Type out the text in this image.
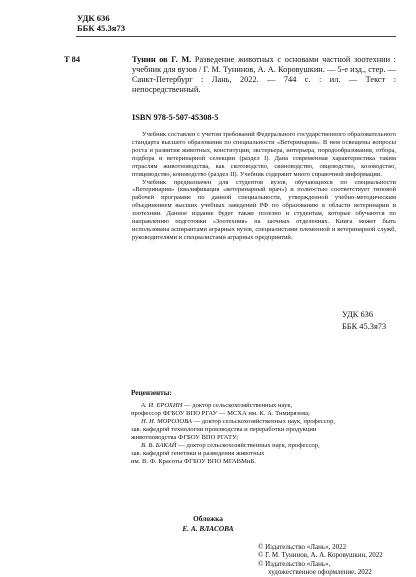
УДК 636
ББК 45.3я73
Т 84	Тунин ов Г. М. Разведение животных с основами частной зоотехнии : учебник для вузов / Г. М. Тунинов, А. А. Коровушкин. — 5-е изд., стер. — Санкт-Петербург : Лань, 2022. — 744 с. : ил. — Текст : непосредственный.
ISBN 978-5-507-45308-5

Учебник составлен с учетом требований Федерального государственного образовательного стандарта высшего образования по специальности «Ветеринария». В нем освещены вопросы роста и развития животных, конституции, экстерьера, интерьера, породообразования, отбора, подбора и ветеринарной селекции (раздел I). Дана современная характеристика таким отраслям животноводства, как скотоводство, свиноводство, овцеводство, козоводство, птицеводство, коневодство (раздел II). Учебник содержит много справочной информации.

Учебник предназначен для студентов вузов, обучающихся по специальности «Ветеринария» (квалификация «ветеринарный врач») и полностью соответствует типовой рабочей программе по данной специальности, утвержденной учебно-методическим объединением высших учебных заведений РФ по образованию в области ветеринарии и зоотехнии. Данное издание будет также полезно и студентам, которые обучаются по направлению подготовки «Зоотехния» на заочных отделениях. Книга может быть использована аспирантами аграрных вузов, специалистами племенной и ветеринарной служб, руководителями и специалистами аграрных предприятий.

УДК 636
ББК 45.3я73
Рецензенты:
А. И. ЕРОХИН — доктор сельскохозяйственных наук,
профессор ФГБОУ ВПО РГАУ — МСХА им. К. А. Тимирязева;
Н. И. МОРОЗОВА — доктор сельскохозяйственных наук, профессор,
зав. кафедрой технологии производства и переработки продукции
животноводства ФГБОУ ВПО РГАТУ;
В. В. БАКАЙ — доктор сельскохозяйственных наук, профессор,
зав. кафедрой генетики и разведения животных
им. В. Ф. Красоты ФГБОУ ВПО МГАВМиБ.
Обложка
Е. А. ВЛАСОВА
© Издательство «Лань», 2022
© Г. М. Тунинов, А. А. Коровушкин, 2022
© Издательство «Лань»,
художественное оформление, 2022
